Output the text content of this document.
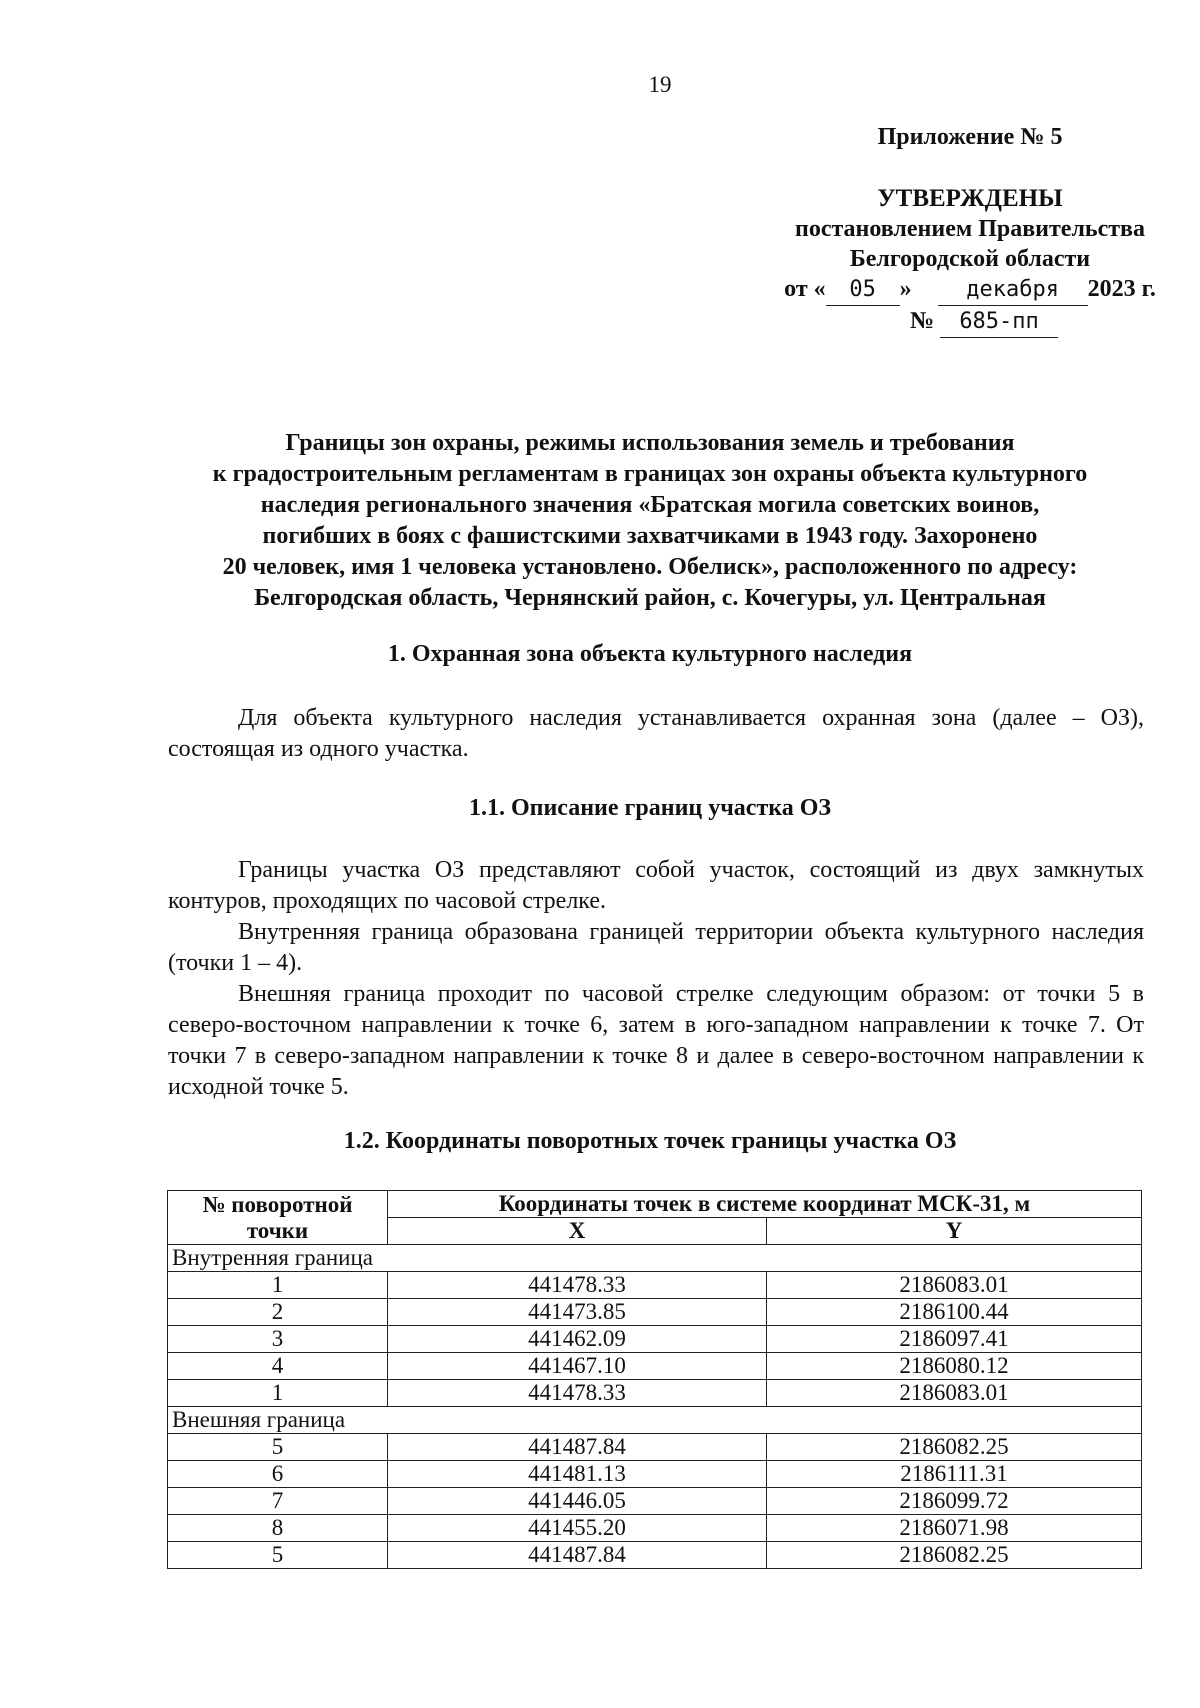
19
Приложение № 5
УТВЕРЖДЕНЫ
постановлением Правительства
Белгородской области
от « 05 » декабря 2023 г.
№ 685-пп
Границы зон охраны, режимы использования земель и требования
к градостроительным регламентам в границах зон охраны объекта культурного
наследия регионального значения «Братская могила советских воинов,
погибших в боях с фашистскими захватчиками в 1943 году. Захоронено
20 человек, имя 1 человека установлено. Обелиск», расположенного по адресу:
Белгородская область, Чернянский район, с. Кочегуры, ул. Центральная
1. Охранная зона объекта культурного наследия
Для объекта культурного наследия устанавливается охранная зона (далее – ОЗ), состоящая из одного участка.
1.1. Описание границ участка ОЗ
Границы участка ОЗ представляют собой участок, состоящий из двух замкнутых контуров, проходящих по часовой стрелке.
Внутренняя граница образована границей территории объекта культурного наследия (точки 1 – 4).
Внешняя граница проходит по часовой стрелке следующим образом: от точки 5 в северо-восточном направлении к точке 6, затем в юго-западном направлении к точке 7. От точки 7 в северо-западном направлении к точке 8 и далее в северо-восточном направлении к исходной точке 5.
1.2. Координаты поворотных точек границы участка ОЗ
№ поворотной точки	Координаты точек в системе координат МСК-31, м	
	X	Y
Внутренняя граница		
1	441478.33	2186083.01
2	441473.85	2186100.44
3	441462.09	2186097.41
4	441467.10	2186080.12
1	441478.33	2186083.01
Внешняя граница		
5	441487.84	2186082.25
6	441481.13	2186111.31
7	441446.05	2186099.72
8	441455.20	2186071.98
5	441487.84	2186082.25
